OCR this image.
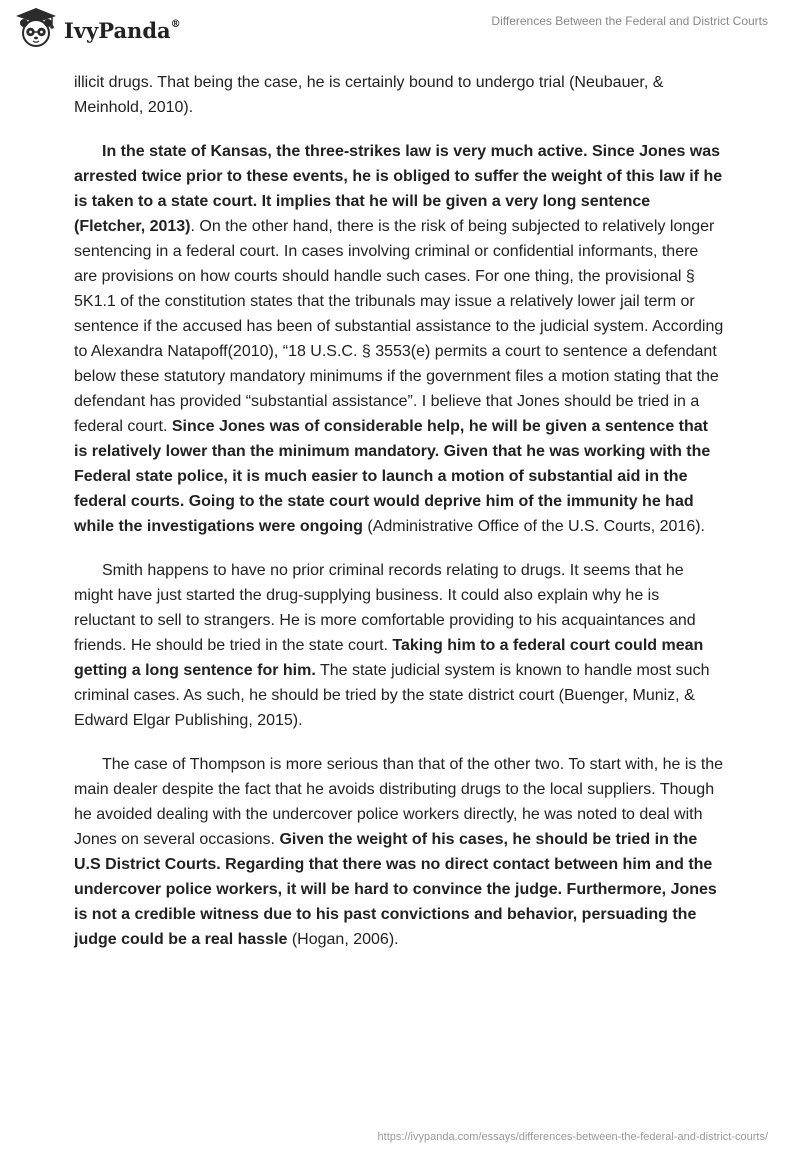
IvyPanda®	Differences Between the Federal and District Courts

illicit drugs. That being the case, he is certainly bound to undergo trial (Neubauer, & Meinhold, 2010).

In the state of Kansas, the three-strikes law is very much active. Since Jones was arrested twice prior to these events, he is obliged to suffer the weight of this law if he is taken to a state court. It implies that he will be given a very long sentence (Fletcher, 2013). On the other hand, there is the risk of being subjected to relatively longer sentencing in a federal court. In cases involving criminal or confidential informants, there are provisions on how courts should handle such cases. For one thing, the provisional § 5K1.1 of the constitution states that the tribunals may issue a relatively lower jail term or sentence if the accused has been of substantial assistance to the judicial system. According to Alexandra Natapoff(2010), “18 U.S.C. § 3553(e) permits a court to sentence a defendant below these statutory mandatory minimums if the government files a motion stating that the defendant has provided “substantial assistance”. I believe that Jones should be tried in a federal court. Since Jones was of considerable help, he will be given a sentence that is relatively lower than the minimum mandatory. Given that he was working with the Federal state police, it is much easier to launch a motion of substantial aid in the federal courts. Going to the state court would deprive him of the immunity he had while the investigations were ongoing (Administrative Office of the U.S. Courts, 2016).

Smith happens to have no prior criminal records relating to drugs. It seems that he might have just started the drug-supplying business. It could also explain why he is reluctant to sell to strangers. He is more comfortable providing to his acquaintances and friends. He should be tried in the state court. Taking him to a federal court could mean getting a long sentence for him. The state judicial system is known to handle most such criminal cases. As such, he should be tried by the state district court (Buenger, Muniz, & Edward Elgar Publishing, 2015).

The case of Thompson is more serious than that of the other two. To start with, he is the main dealer despite the fact that he avoids distributing drugs to the local suppliers. Though he avoided dealing with the undercover police workers directly, he was noted to deal with Jones on several occasions. Given the weight of his cases, he should be tried in the U.S District Courts. Regarding that there was no direct contact between him and the undercover police workers, it will be hard to convince the judge. Furthermore, Jones is not a credible witness due to his past convictions and behavior, persuading the judge could be a real hassle (Hogan, 2006).

https://ivypanda.com/essays/differences-between-the-federal-and-district-courts/
